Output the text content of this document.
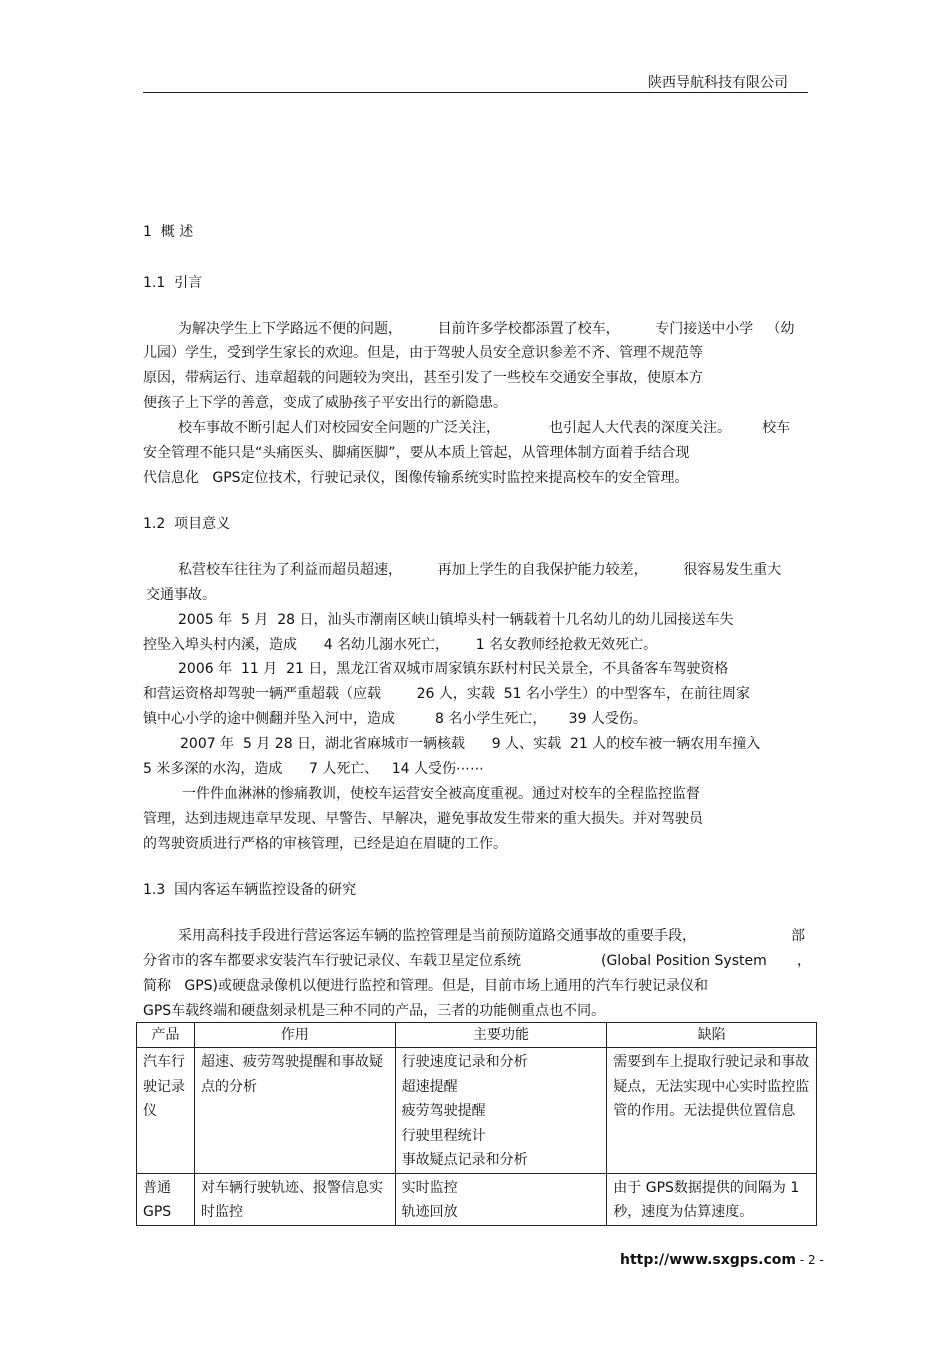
陕西导航科技有限公司
1  概 述
1.1  引言
为解决学生上下学路远不便的问题，        目前许多学校都添置了校车，        专门接送中小学   （幼
儿园）学生，受到学生家长的欢迎。但是，由于驾驶人员安全意识参差不齐、管理不规范等
原因，带病运行、违章超载的问题较为突出，甚至引发了一些校车交通安全事故，使原本方
便孩子上下学的善意，变成了威胁孩子平安出行的新隐患。
校车事故不断引起人们对校园安全问题的广泛关注，           也引起人大代表的深度关注。       校车
安全管理不能只是“头痛医头、脚痛医脚”，要从本质上管起，从管理体制方面着手结合现
代信息化   GPS定位技术，行驶记录仪，图像传输系统实时监控来提高校车的安全管理。
1.2  项目意义
私营校车往往为了利益而超员超速，        再加上学生的自我保护能力较差，        很容易发生重大
交通事故。
2005 年  5 月  28 日，汕头市潮南区峡山镇埠头村一辆载着十几名幼儿的幼儿园接送车失
控坠入埠头村内溪，造成      4 名幼儿溺水死亡，      1 名女教师经抢救无效死亡。
2006 年  11 月  21 日，黑龙江省双城市周家镇东跃村村民关景全，不具备客车驾驶资格
和营运资格却驾驶一辆严重超载（应载        26 人，实载  51 名小学生）的中型客车，在前往周家
镇中心小学的途中侧翻并坠入河中，造成         8 名小学生死亡，     39 人受伤。
2007 年  5 月 28 日，湖北省麻城市一辆核载      9 人、实载  21 人的校车被一辆农用车撞入
5 米多深的水沟，造成      7 人死亡、   14 人受伤⋯⋯
一件件血淋淋的惨痛教训，使校车运营安全被高度重视。通过对校车的全程监控监督
管理，达到违规违章早发现、早警告、早解决，避免事故发生带来的重大损失。并对驾驶员
的驾驶资质进行严格的审核管理，已经是迫在眉睫的工作。
1.3  国内客运车辆监控设备的研究
采用高科技手段进行营运客运车辆的监控管理是当前预防道路交通事故的重要手段，	部
分省市的客车都要求安装汽车行驶记录仪、车载卫星定位系统	(Global Position System ，
简称   GPS)或硬盘录像机以便进行监控和管理。但是，目前市场上通用的汽车行驶记录仪和
GPS车载终端和硬盘刻录机是三种不同的产品，三者的功能侧重点也不同。
产品	作用	主要功能	缺陷
汽车行驶记录仪	超速、疲劳驾驶提醒和事故疑点的分析	行驶速度记录和分析
超速提醒
疲劳驾驶提醒
行驶里程统计
事故疑点记录和分析	需要到车上提取行驶记录和事故疑点，无法实现中心实时监控监管的作用。无法提供位置信息
普通GPS	对车辆行驶轨迹、报警信息实时监控	实时监控
轨迹回放	由于 GPS数据提供的间隔为 1 秒，速度为估算速度。
http://www.sxgps.com - 2 -
